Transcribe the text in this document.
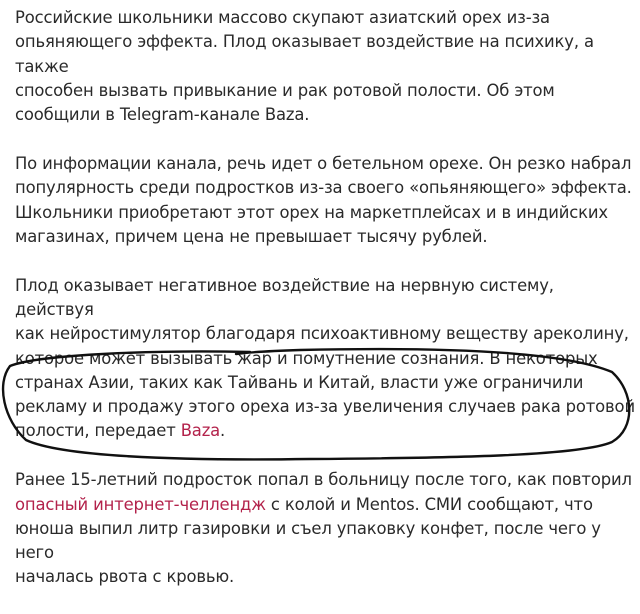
Российские школьники массово скупают азиатский орех из-за
опьяняющего эффекта. Плод оказывает воздействие на психику, а также
способен вызвать привыкание и рак ротовой полости. Об этом
сообщили в Telegram-канале Baza.

По информации канала, речь идет о бетельном орехе. Он резко набрал
популярность среди подростков из-за своего «опьяняющего» эффекта.
Школьники приобретают этот орех на маркетплейсах и в индийских
магазинах, причем цена не превышает тысячу рублей.

Плод оказывает негативное воздействие на нервную систему, действуя
как нейростимулятор благодаря психоактивному веществу ареколину,
которое может вызывать жар и помутнение сознания. В некоторых
странах Азии, таких как Тайвань и Китай, власти уже ограничили
рекламу и продажу этого ореха из-за увеличения случаев рака ротовой
полости, передает Baza.

Ранее 15-летний подросток попал в больницу после того, как повторил
опасный интернет-челлендж с колой и Mentos. СМИ сообщают, что
юноша выпил литр газировки и съел упаковку конфет, после чего у него
началась рвота с кровью.
